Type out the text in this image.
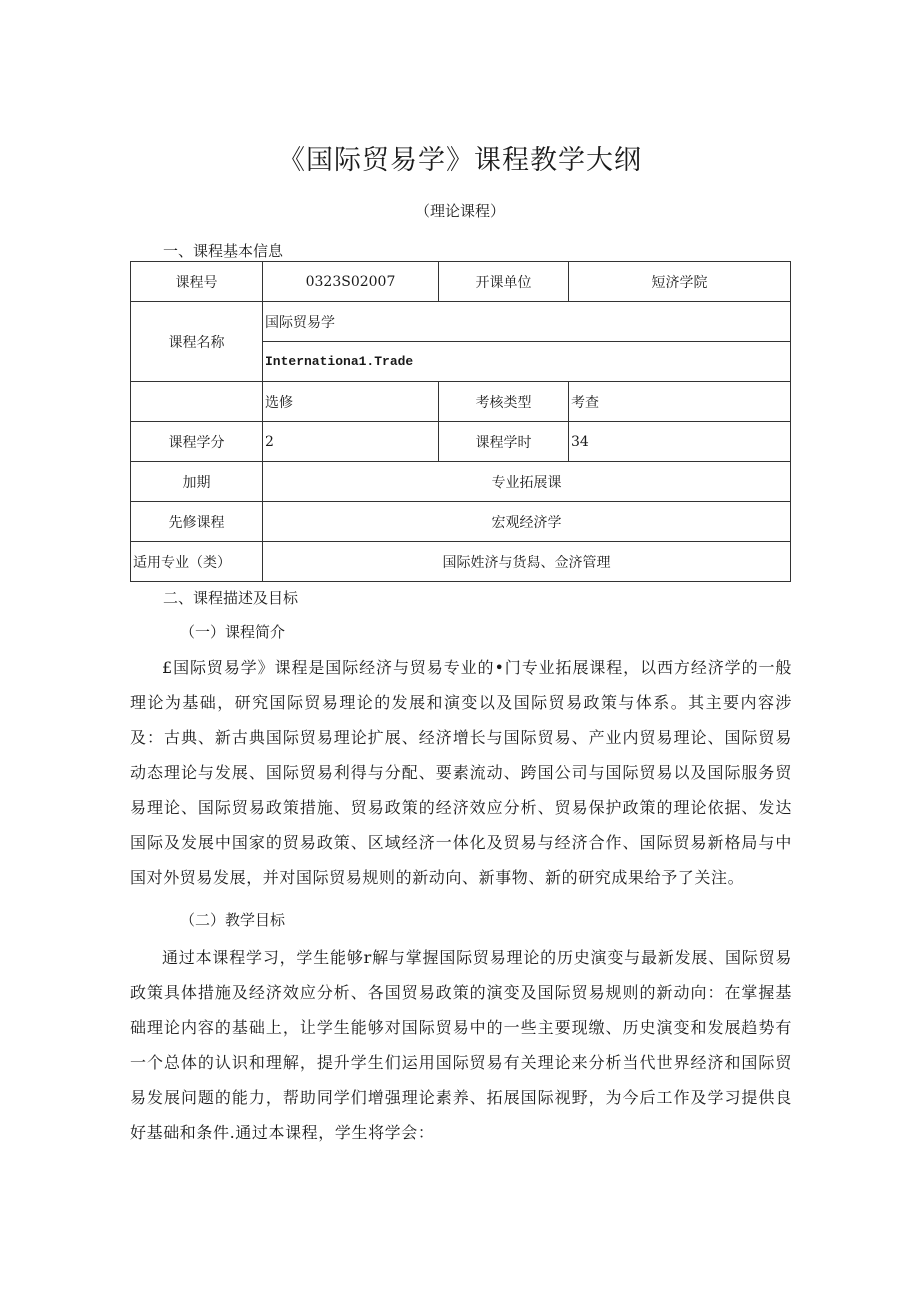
《国际贸易学》课程教学大纲
（理论课程）
一、课程基本信息
课程号	0323S02007	开课单位	短济学院
课程名称	国际贸易学		
	Internationa1.Trade		
	选修	考核类型	考查
课程学分	2	课程学时	34
加期	专业拓展课		
先修课程	宏观经济学		
适用专业（类）	国际姓济与货舄、佥济管理		
二、课程描述及目标
（一）课程简介
£国际贸易学》课程是国际经济与贸易专业的•门专业拓展课程，以西方经济学的一般理论为基础，研究国际贸易理论的发展和演变以及国际贸易政策与体系。其主要内容涉及：古典、新古典国际贸易理论扩展、经济增长与国际贸易、产业内贸易理论、国际贸易动态理论与发展、国际贸易利得与分配、要素流动、跨国公司与国际贸易以及国际服务贸易理论、国际贸易政策措施、贸易政策的经济效应分析、贸易保护政策的理论依据、发达国际及发展中国家的贸易政策、区域经济一体化及贸易与经济合作、国际贸易新格局与中国对外贸易发展，并对国际贸易规则的新动向、新事物、新的研究成果给予了关注。
（二）教学目标
通过本课程学习，学生能够r解与掌握国际贸易理论的历史演变与最新发展、国际贸易政策具体措施及经济效应分析、各国贸易政策的演变及国际贸易规则的新动向：在掌握基础理论内容的基础上，让学生能够对国际贸易中的一些主要现缴、历史演变和发展趋势有一个总体的认识和理解，提升学生们运用国际贸易有关理论来分析当代世界经济和国际贸易发展问题的能力，帮助同学们增强理论素养、拓展国际视野，为今后工作及学习提供良好基础和条件.通过本课程，学生将学会：
